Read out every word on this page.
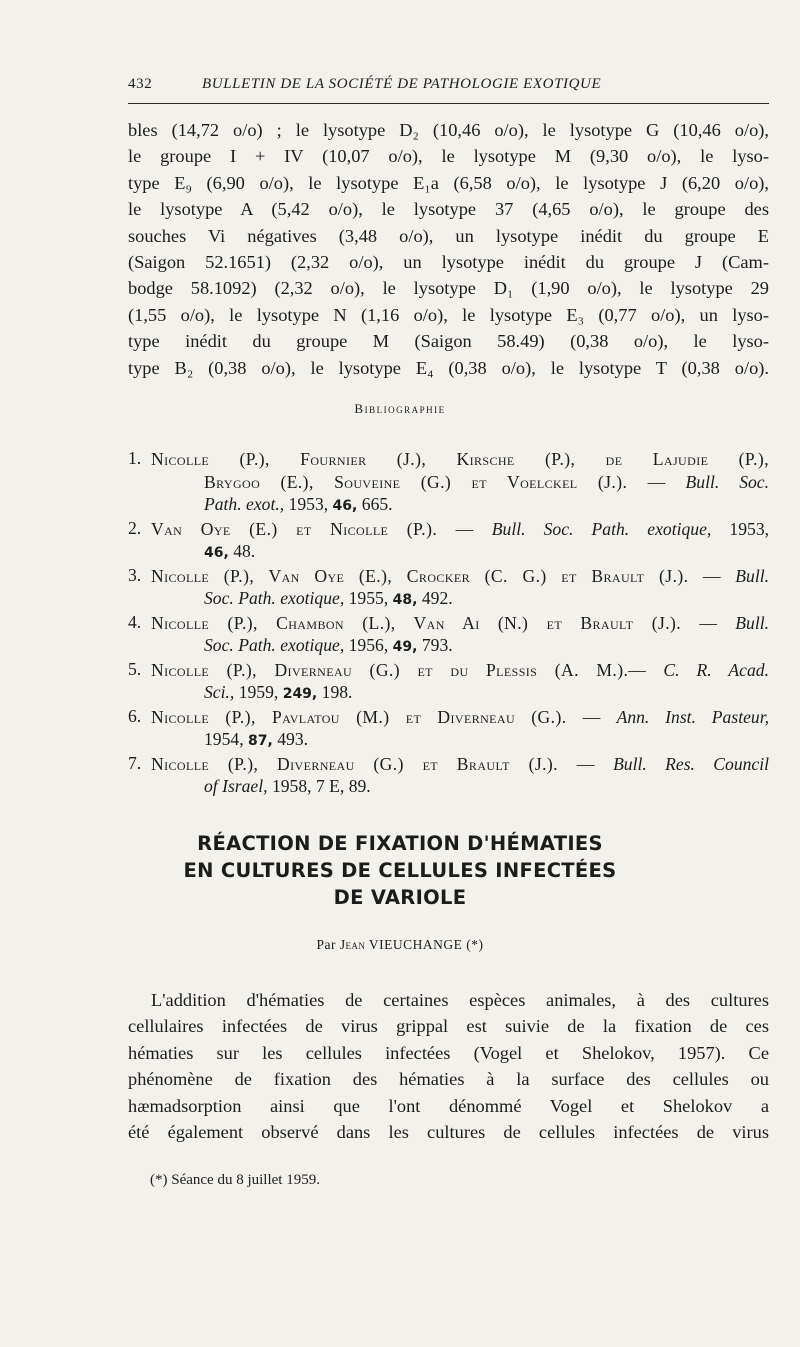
432	BULLETIN DE LA SOCIÉTÉ DE PATHOLOGIE EXOTIQUE
bles (14,72 o/o) ; le lysotype D₂ (10,46 o/o), le lysotype G (10,46 o/o),
le groupe I + IV (10,07 o/o), le lysotype M (9,30 o/o), le lyso-
type E₉ (6,90 o/o), le lysotype E₁a (6,58 o/o), le lysotype J (6,20 o/o),
le lysotype A (5,42 o/o), le lysotype 37 (4,65 o/o), le groupe des
souches Vi négatives (3,48 o/o), un lysotype inédit du groupe E
(Saigon 52.1651) (2,32 o/o), un lysotype inédit du groupe J (Cam-
bodge 58.1092) (2,32 o/o), le lysotype D₁ (1,90 o/o), le lysotype 29
(1,55 o/o), le lysotype N (1,16 o/o), le lysotype E₃ (0,77 o/o), un lyso-
type inédit du groupe M (Saigon 58.49) (0,38 o/o), le lyso-
type B₂ (0,38 o/o), le lysotype E₄ (0,38 o/o), le lysotype T (0,38 o/o).
Bibliographie
1. Nicolle (P.), Fournier (J.), Kirsche (P.), de Lajudie (P.),
Brygoo (E.), Souveine (G.) et Voelckel (J.). — Bull. Soc.
Path. exot., 1953, 46, 665.
2. Van Oye (E.) et Nicolle (P.). — Bull. Soc. Path. exotique, 1953,
46, 48.
3. Nicolle (P.), Van Oye (E.), Crocker (C. G.) et Brault (J.). — Bull.
Soc. Path. exotique, 1955, 48, 492.
4. Nicolle (P.), Chambon (L.), Van Ai (N.) et Brault (J.). — Bull.
Soc. Path. exotique, 1956, 49, 793.
5. Nicolle (P.), Diverneau (G.) et du Plessis (A. M.).— C. R. Acad.
Sci., 1959, 249, 198.
6. Nicolle (P.), Pavlatou (M.) et Diverneau (G.). — Ann. Inst. Pasteur,
1954, 87, 493.
7. Nicolle (P.), Diverneau (G.) et Brault (J.). — Bull. Res. Council
of Israel, 1958, 7 E, 89.
RÉACTION DE FIXATION D'HÉMATIES
EN CULTURES DE CELLULES INFECTÉES
DE VARIOLE
Par Jean VIEUCHANGE (*)
L'addition d'hématies de certaines espèces animales, à des cultures
cellulaires infectées de virus grippal est suivie de la fixation de ces
hématies sur les cellules infectées (Vogel et Shelokov, 1957). Ce
phénomène de fixation des hématies à la surface des cellules ou
hæmadsorption ainsi que l'ont dénommé Vogel et Shelokov a
été également observé dans les cultures de cellules infectées de virus
(*) Séance du 8 juillet 1959.
